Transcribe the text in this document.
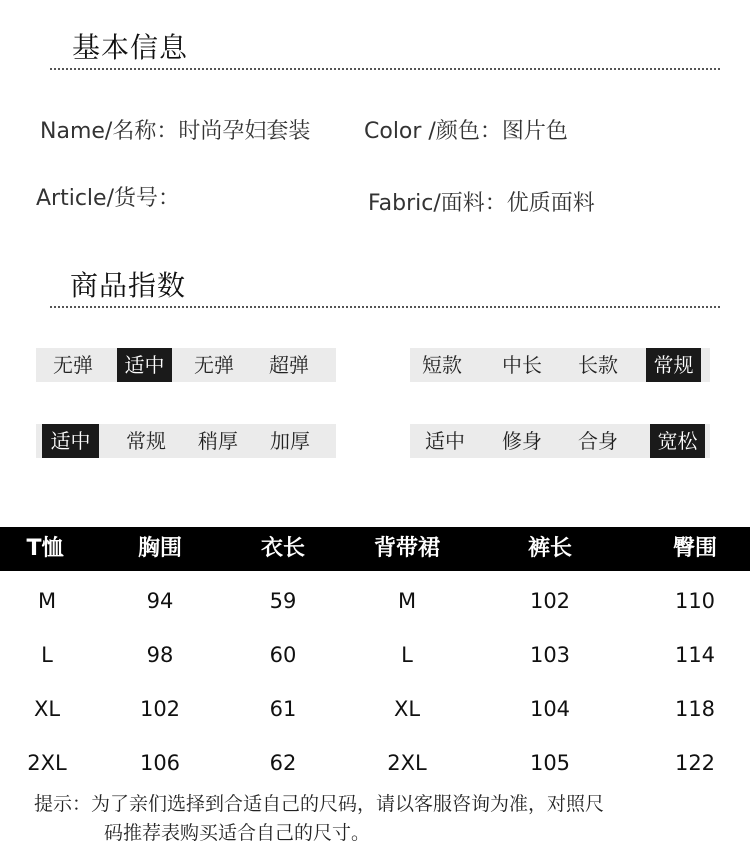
基本信息
Name/名称：时尚孕妇套装 Color /颜色：图片色
Article/货号：	Fabric/面料：优质面料
商品指数
无弹	适中	无弹	超弹	短款	中长	长款	常规
适中	常规	稍厚	加厚	适中	修身	合身	宽松
T恤	胸围	衣长	背带裙	裤长	臀围
M	94	59	M	102	110
L	98	60	L	103	114
XL	102	61	XL	104	118
2XL	106	62	2XL	105	122
提示：为了亲们选择到合适自己的尺码，请以客服咨询为准，对照尺
码推荐表购买适合自己的尺寸。
